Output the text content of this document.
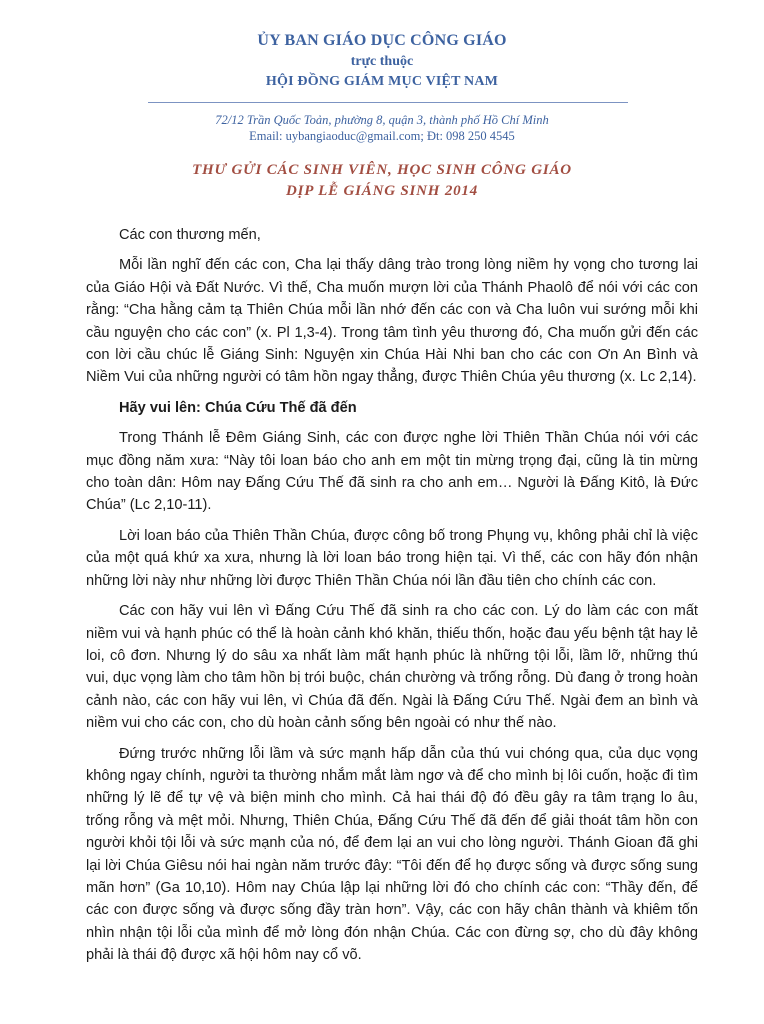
ỦY BAN GIÁO DỤC CÔNG GIÁO
trực thuộc
HỘI ĐỒNG GIÁM MỤC VIỆT NAM
72/12 Trần Quốc Toản, phường 8, quận 3, thành phố Hồ Chí Minh
Email: uybangiaoduc@gmail.com; Đt: 098 250 4545
THƯ GỬI CÁC SINH VIÊN, HỌC SINH CÔNG GIÁO
DỊP LỄ GIÁNG SINH 2014

Các con thương mến,

Mỗi lần nghĩ đến các con, Cha lại thấy dâng trào trong lòng niềm hy vọng cho tương lai của Giáo Hội và Đất Nước. Vì thế, Cha muốn mượn lời của Thánh Phaolô để nói với các con rằng: “Cha hằng cảm tạ Thiên Chúa mỗi lần nhớ đến các con và Cha luôn vui sướng mỗi khi cầu nguyện cho các con” (x. Pl 1,3-4). Trong tâm tình yêu thương đó, Cha muốn gửi đến các con lời cầu chúc lễ Giáng Sinh: Nguyện xin Chúa Hài Nhi ban cho các con Ơn An Bình và Niềm Vui của những người có tâm hồn ngay thẳng, được Thiên Chúa yêu thương (x. Lc 2,14).

Hãy vui lên: Chúa Cứu Thế đã đến

Trong Thánh lễ Đêm Giáng Sinh, các con được nghe lời Thiên Thần Chúa nói với các mục đồng năm xưa: “Này tôi loan báo cho anh em một tin mừng trọng đại, cũng là tin mừng cho toàn dân: Hôm nay Đấng Cứu Thế đã sinh ra cho anh em… Người là Đấng Kitô, là Đức Chúa” (Lc 2,10-11).

Lời loan báo của Thiên Thần Chúa, được công bố trong Phụng vụ, không phải chỉ là việc của một quá khứ xa xưa, nhưng là lời loan báo trong hiện tại. Vì thế, các con hãy đón nhận những lời này như những lời được Thiên Thần Chúa nói lần đầu tiên cho chính các con.

Các con hãy vui lên vì Đấng Cứu Thế đã sinh ra cho các con. Lý do làm các con mất niềm vui và hạnh phúc có thể là hoàn cảnh khó khăn, thiếu thốn, hoặc đau yếu bệnh tật hay lẻ loi, cô đơn. Nhưng lý do sâu xa nhất làm mất hạnh phúc là những tội lỗi, lầm lỡ, những thú vui, dục vọng làm cho tâm hồn bị trói buộc, chán chường và trống rỗng. Dù đang ở trong hoàn cảnh nào, các con hãy vui lên, vì Chúa đã đến. Ngài là Đấng Cứu Thế. Ngài đem an bình và niềm vui cho các con, cho dù hoàn cảnh sống bên ngoài có như thế nào.

Đứng trước những lỗi lầm và sức mạnh hấp dẫn của thú vui chóng qua, của dục vọng không ngay chính, người ta thường nhắm mắt làm ngơ và để cho mình bị lôi cuốn, hoặc đi tìm những lý lẽ để tự vệ và biện minh cho mình. Cả hai thái độ đó đều gây ra tâm trạng lo âu, trống rỗng và mệt mỏi. Nhưng, Thiên Chúa, Đấng Cứu Thế đã đến để giải thoát tâm hồn con người khỏi tội lỗi và sức mạnh của nó, để đem lại an vui cho lòng người. Thánh Gioan đã ghi lại lời Chúa Giêsu nói hai ngàn năm trước đây: “Tôi đến để họ được sống và được sống sung mãn hơn” (Ga 10,10). Hôm nay Chúa lập lại những lời đó cho chính các con: “Thầy đến, để các con được sống và được sống đầy tràn hơn”. Vậy, các con hãy chân thành và khiêm tốn nhìn nhận tội lỗi của mình để mở lòng đón nhận Chúa. Các con đừng sợ, cho dù đây không phải là thái độ được xã hội hôm nay cổ võ.
